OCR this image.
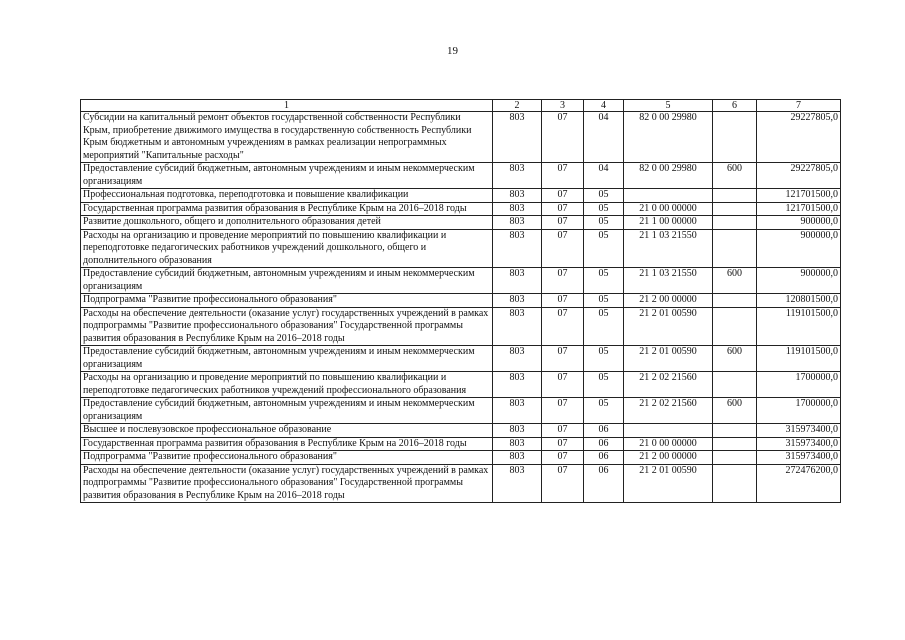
19
1	2	3	4	5	6	7
Субсидии на капитальный ремонт объектов государственной собственности Республики Крым, приобретение движимого имущества в государственную собственность Республики Крым бюджетным и автономным учреждениям в рамках реализации непрограммных мероприятий "Капитальные расходы"	803	07	04	82 0 00 29980		29227805,0
Предоставление субсидий бюджетным, автономным учреждениям и иным некоммерческим организациям	803	07	04	82 0 00 29980	600	29227805,0
Профессиональная подготовка, переподготовка и повышение квалификации	803	07	05			121701500,0
Государственная программа развития образования в Республике Крым на 2016–2018 годы	803	07	05	21 0 00 00000		121701500,0
Развитие дошкольного, общего и дополнительного образования детей	803	07	05	21 1 00 00000		900000,0
Расходы на организацию и проведение мероприятий по повышению квалификации и переподготовке педагогических работников учреждений дошкольного, общего и дополнительного образования	803	07	05	21 1 03 21550		900000,0
Предоставление субсидий бюджетным, автономным учреждениям и иным некоммерческим организациям	803	07	05	21 1 03 21550	600	900000,0
Подпрограмма "Развитие профессионального образования"	803	07	05	21 2 00 00000		120801500,0
Расходы на обеспечение деятельности (оказание услуг) государственных учреждений в рамках подпрограммы "Развитие профессионального образования" Государственной программы развития образования в Республике Крым на 2016–2018 годы	803	07	05	21 2 01 00590		119101500,0
Предоставление субсидий бюджетным, автономным учреждениям и иным некоммерческим организациям	803	07	05	21 2 01 00590	600	119101500,0
Расходы на организацию и проведение мероприятий по повышению квалификации и переподготовке педагогических работников учреждений профессионального образования	803	07	05	21 2 02 21560		1700000,0
Предоставление субсидий бюджетным, автономным учреждениям и иным некоммерческим организациям	803	07	05	21 2 02 21560	600	1700000,0
Высшее и послевузовское профессиональное образование	803	07	06			315973400,0
Государственная программа развития образования в Республике Крым на 2016–2018 годы	803	07	06	21 0 00 00000		315973400,0
Подпрограмма "Развитие профессионального образования"	803	07	06	21 2 00 00000		315973400,0
Расходы на обеспечение деятельности (оказание услуг) государственных учреждений в рамках подпрограммы "Развитие профессионального образования" Государственной программы развития образования в Республике Крым на 2016–2018 годы	803	07	06	21 2 01 00590		272476200,0
